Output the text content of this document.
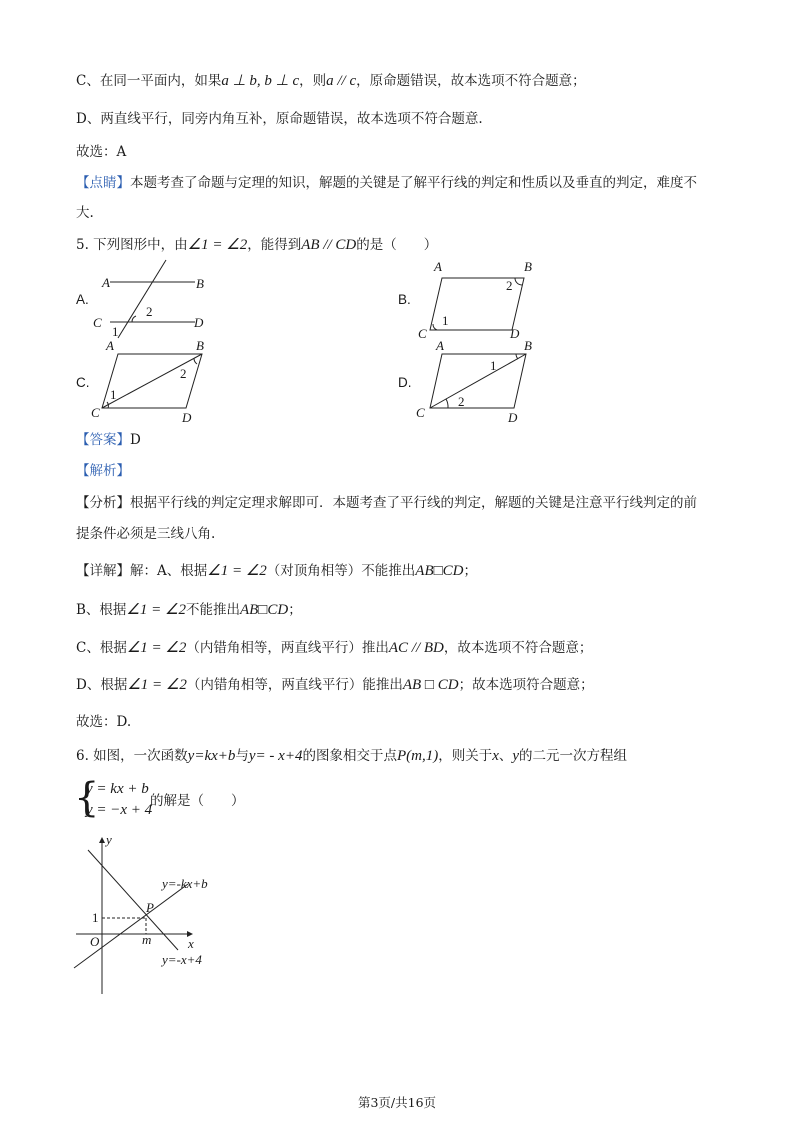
C、在同一平面内，如果a ⊥ b, b ⊥ c，则a // c，原命题错误，故本选项不符合题意；
D、两直线平行，同旁内角互补，原命题错误，故本选项不符合题意.
故选：A
【点睛】本题考查了命题与定理的知识，解题的关键是了解平行线的判定和性质以及垂直的判定，难度不
大.
5. 下列图形中，由∠1 = ∠2，能得到AB // CD的是（　　）
A.	B.
C.	D.
A	B
C	D
2
1
A	B
C	D
2
1
A	B
C	D
1
2
A	B
C	D
1
2
【答案】D
【解析】
【分析】根据平行线的判定定理求解即可．本题考查了平行线的判定，解题的关键是注意平行线判定的前
提条件必须是三线八角.
【详解】解：A、根据∠1 = ∠2（对顶角相等）不能推出AB□CD；
B、根据∠1 = ∠2不能推出AB□CD；
C、根据∠1 = ∠2（内错角相等，两直线平行）推出AC // BD，故本选项不符合题意；
D、根据∠1 = ∠2（内错角相等，两直线平行）能推出AB □ CD；故本选项符合题意；
故选：D.
6. 如图，一次函数y=kx+b与y= - x+4的图象相交于点P(m,1)，则关于x、y的二元一次方程组
{
y = kx + b
y = −x + 4
的解是（　　）
y
x
O	m
P
1
y=-kx+b
y=-x+4
第3页/共16页
